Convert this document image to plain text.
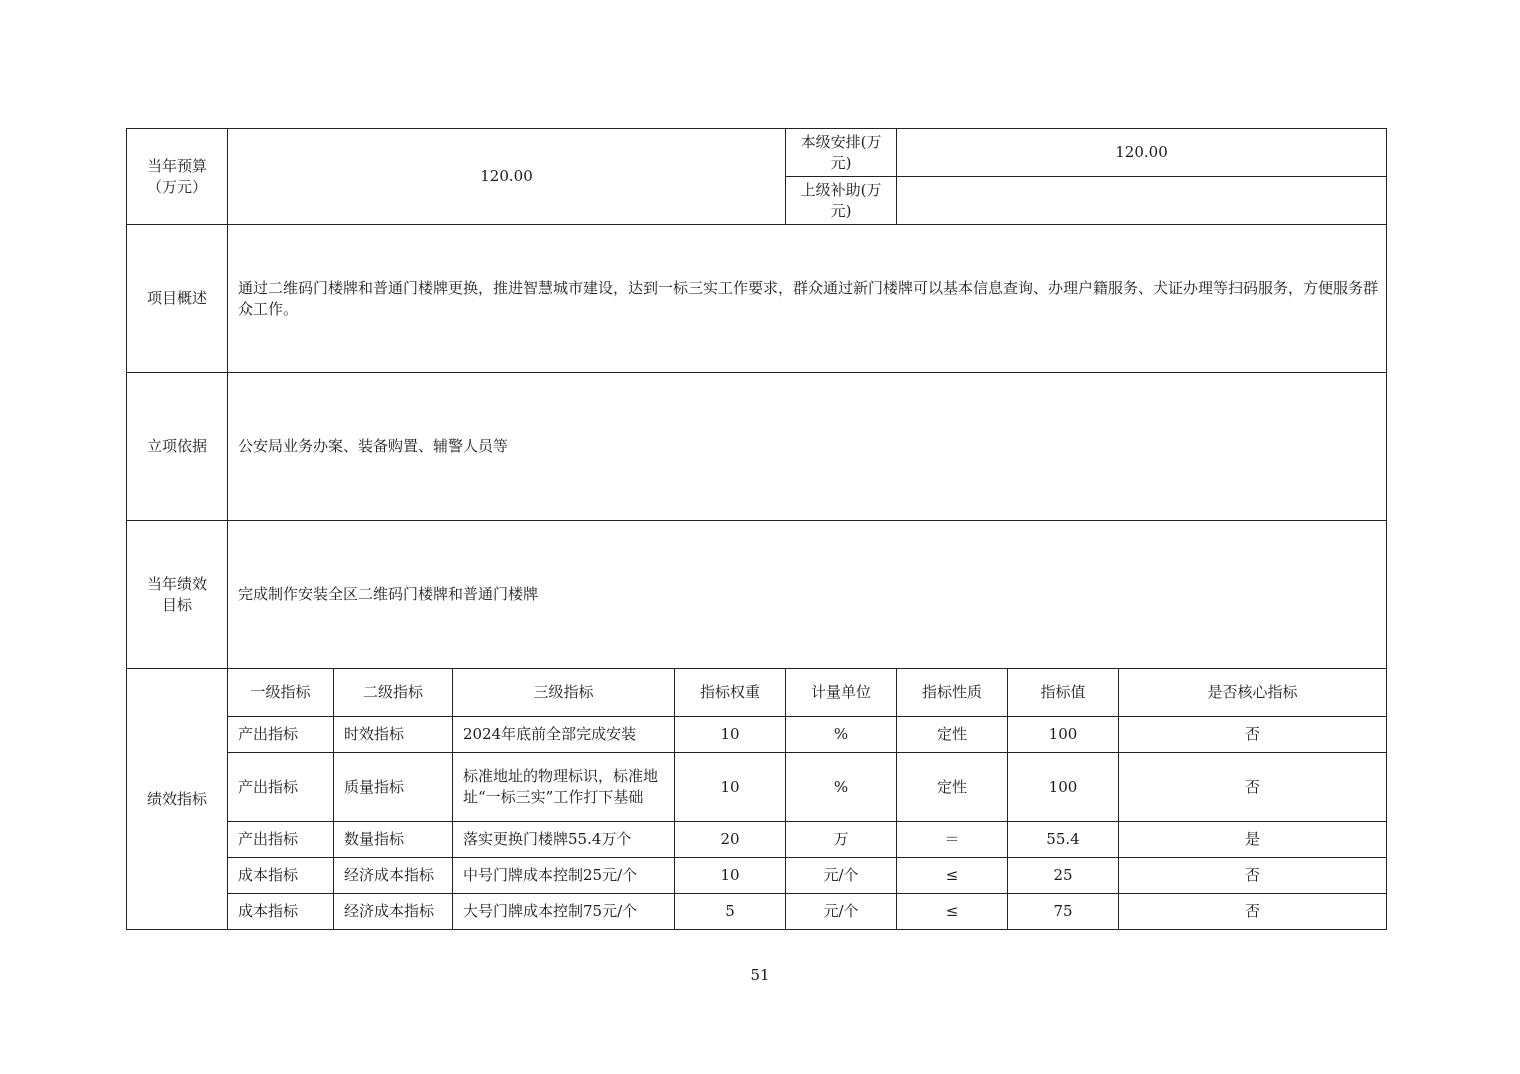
当年预算（万元）	120.00				本级安排(万元)	120.00		
					上级补助(万元)			
项目概述	通过二维码门楼牌和普通门楼牌更换，推进智慧城市建设，达到一标三实工作要求，群众通过新门楼牌可以基本信息查询、办理户籍服务、犬证办理等扫码服务，方便服务群众工作。							
立项依据	公安局业务办案、装备购置、辅警人员等							
当年绩效目标	完成制作安装全区二维码门楼牌和普通门楼牌							
绩效指标	一级指标	二级指标	三级指标	指标权重	计量单位	指标性质	指标值	是否核心指标
	产出指标	时效指标	2024年底前全部完成安装	10	%	定性	100	否
	产出指标	质量指标	标准地址的物理标识，标准地址“一标三实”工作打下基础	10	%	定性	100	否
	产出指标	数量指标	落实更换门楼牌55.4万个	20	万	＝	55.4	是
	成本指标	经济成本指标	中号门牌成本控制25元/个	10	元/个	≤	25	否
	成本指标	经济成本指标	大号门牌成本控制75元/个	5	元/个	≤	75	否
51
